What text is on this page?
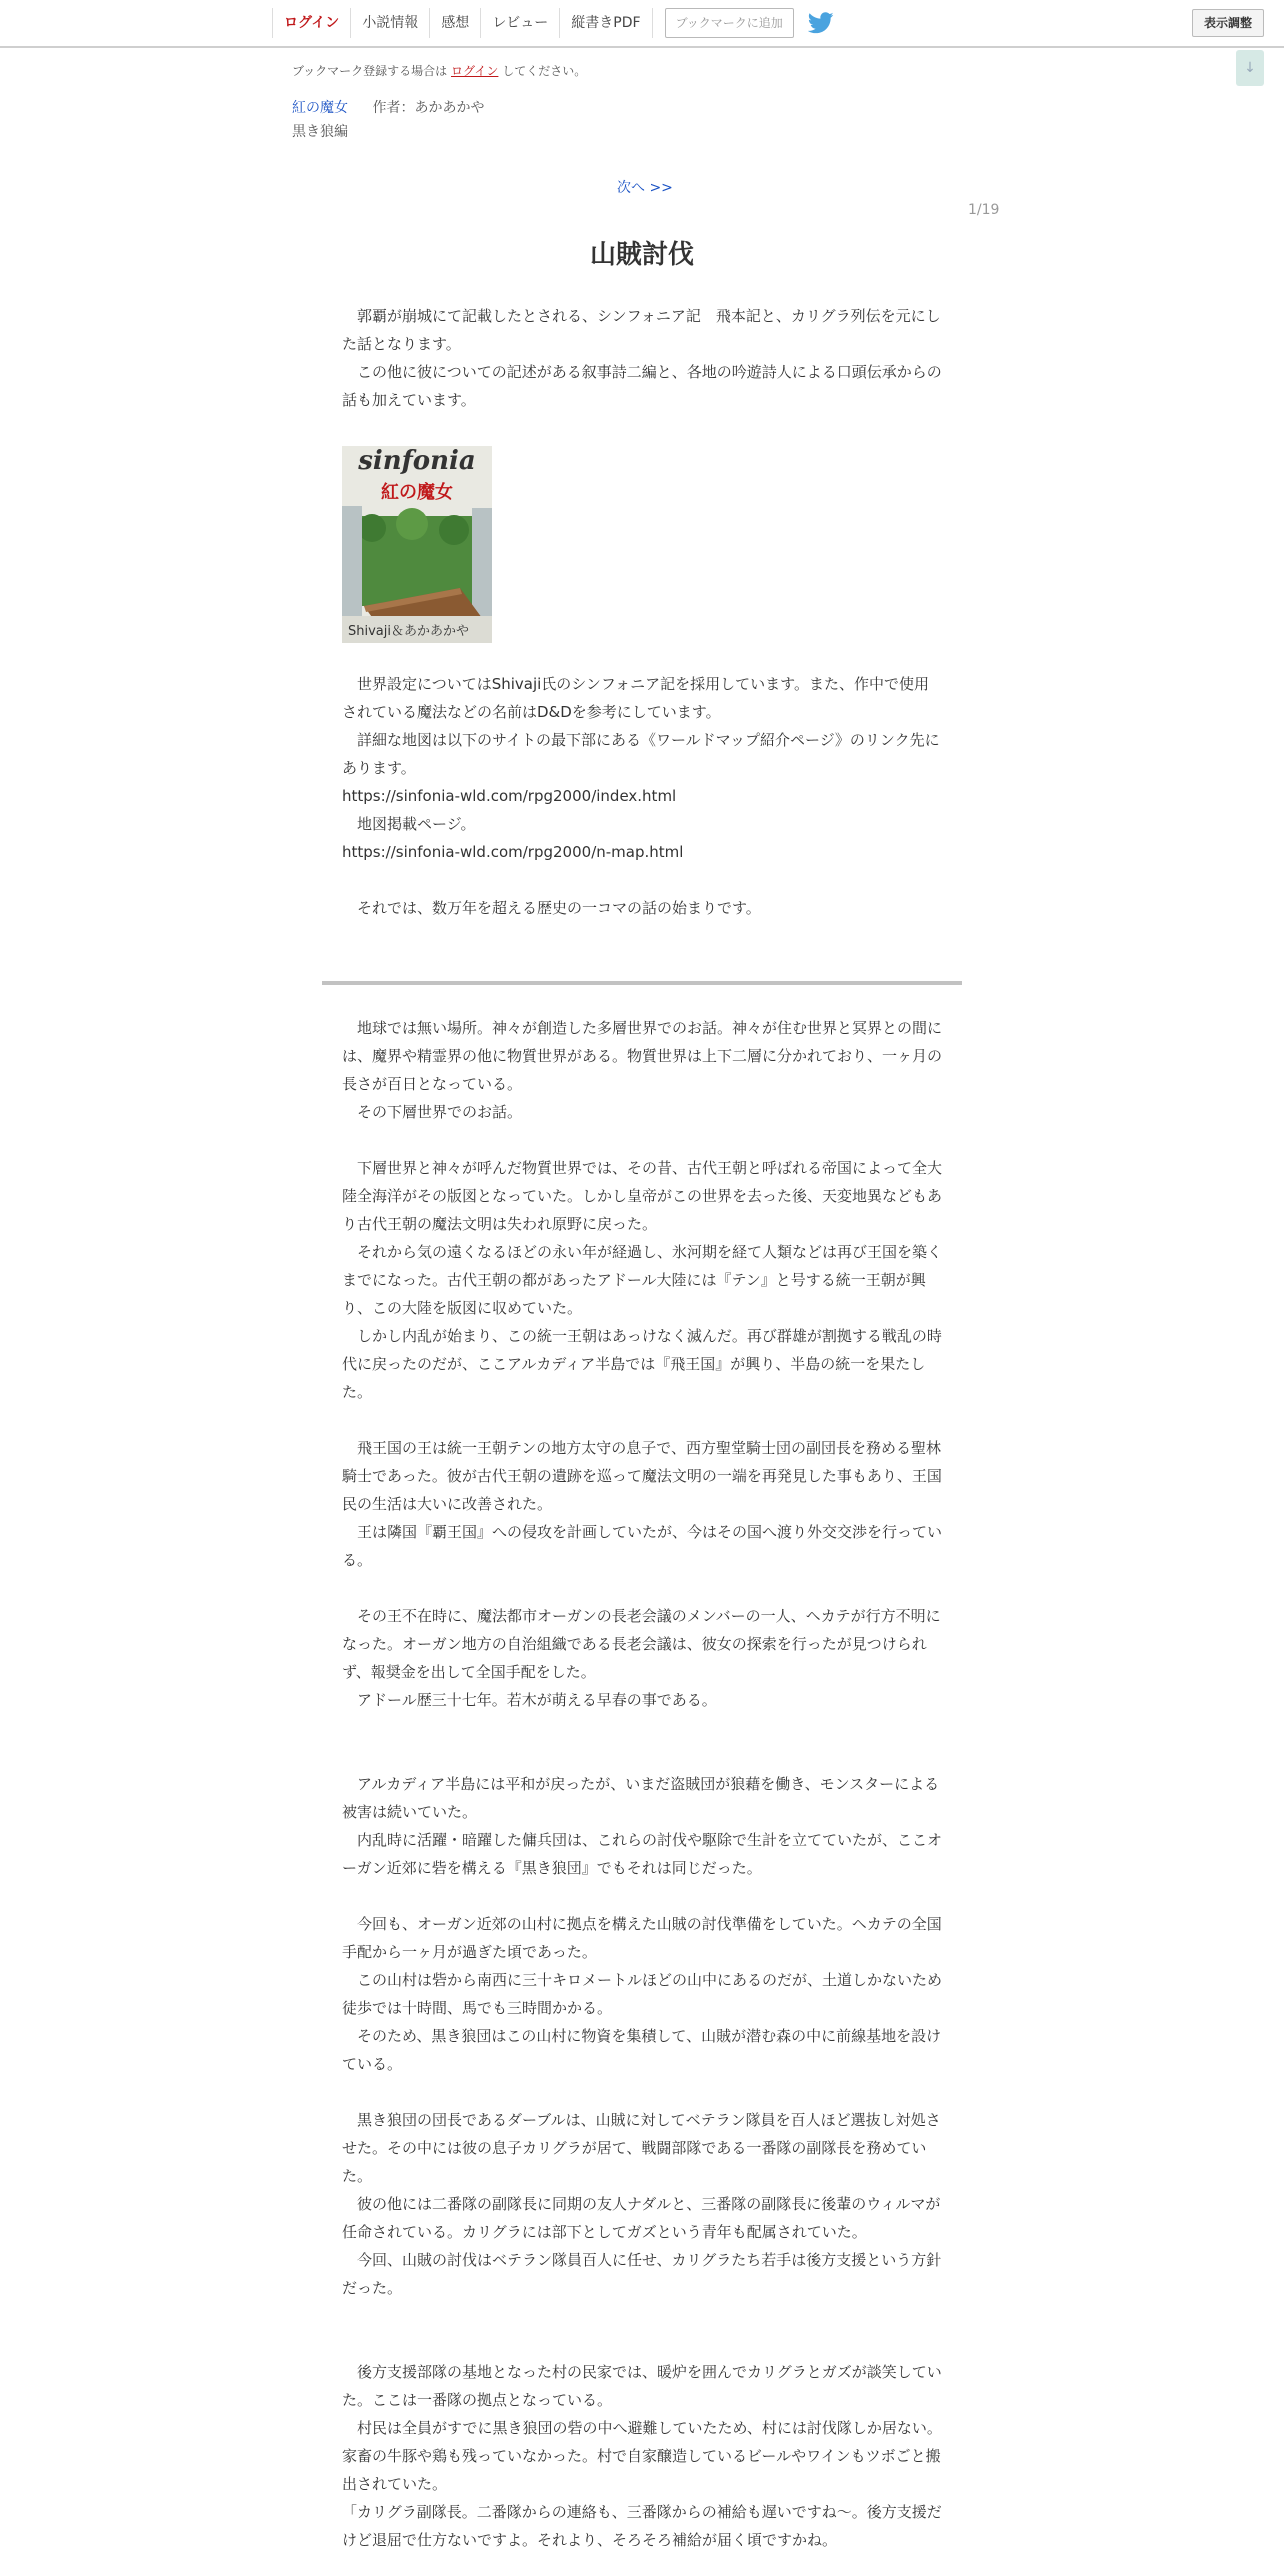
ログイン	小説情報	感想	レビュー	縦書きPDF	ブックマークに追加	表示調整
↓
ブックマーク登録する場合は ログイン してください。
紅の魔女 作者：あかあかや
黒き狼編
次へ >>
1/19
山賊討伐

　郭覇が崩城にて記載したとされる、シンフォニア記　飛本記と、カリグラ列伝を元にした話となります。

　この他に彼についての記述がある叙事詩二編と、各地の吟遊詩人による口頭伝承からの話も加えています。

sinfonia
紅の魔女
Shivaji＆あかあかや

　世界設定についてはShivaji氏のシンフォニア記を採用しています。また、作中で使用されている魔法などの名前はD&Dを参考にしています。

　詳細な地図は以下のサイトの最下部にある《ワールドマップ紹介ページ》のリンク先にあります。

https://sinfonia-wld.com/rpg2000/index.html

　地図掲載ページ。

https://sinfonia-wld.com/rpg2000/n-map.html

　それでは、数万年を超える歴史の一コマの話の始まりです。

　地球では無い場所。神々が創造した多層世界でのお話。神々が住む世界と冥界との間には、魔界や精霊界の他に物質世界がある。物質世界は上下二層に分かれており、一ヶ月の長さが百日となっている。

　その下層世界でのお話。

　下層世界と神々が呼んだ物質世界では、その昔、古代王朝と呼ばれる帝国によって全大陸全海洋がその版図となっていた。しかし皇帝がこの世界を去った後、天変地異などもあり古代王朝の魔法文明は失われ原野に戻った。

　それから気の遠くなるほどの永い年が経過し、氷河期を経て人類などは再び王国を築くまでになった。古代王朝の都があったアドール大陸には『テン』と号する統一王朝が興り、この大陸を版図に収めていた。

　しかし内乱が始まり、この統一王朝はあっけなく滅んだ。再び群雄が割拠する戦乱の時代に戻ったのだが、ここアルカディア半島では『飛王国』が興り、半島の統一を果たした。

　飛王国の王は統一王朝テンの地方太守の息子で、西方聖堂騎士団の副団長を務める聖林騎士であった。彼が古代王朝の遺跡を巡って魔法文明の一端を再発見した事もあり、王国民の生活は大いに改善された。

　王は隣国『覇王国』への侵攻を計画していたが、今はその国へ渡り外交交渉を行っている。

　その王不在時に、魔法都市オーガンの長老会議のメンバーの一人、ヘカテが行方不明になった。オーガン地方の自治組織である長老会議は、彼女の探索を行ったが見つけられず、報奨金を出して全国手配をした。

　アドール歴三十七年。若木が萌える早春の事である。

　アルカディア半島には平和が戻ったが、いまだ盗賊団が狼藉を働き、モンスターによる被害は続いていた。

　内乱時に活躍・暗躍した傭兵団は、これらの討伐や駆除で生計を立てていたが、ここオーガン近郊に砦を構える『黒き狼団』でもそれは同じだった。

　今回も、オーガン近郊の山村に拠点を構えた山賊の討伐準備をしていた。ヘカテの全国手配から一ヶ月が過ぎた頃であった。

　この山村は砦から南西に三十キロメートルほどの山中にあるのだが、土道しかないため徒歩では十時間、馬でも三時間かかる。

　そのため、黒き狼団はこの山村に物資を集積して、山賊が潜む森の中に前線基地を設けている。

　黒き狼団の団長であるダーブルは、山賊に対してベテラン隊員を百人ほど選抜し対処させた。その中には彼の息子カリグラが居て、戦闘部隊である一番隊の副隊長を務めていた。

　彼の他には二番隊の副隊長に同期の友人ナダルと、三番隊の副隊長に後輩のウィルマが任命されている。カリグラには部下としてガズという青年も配属されていた。

　今回、山賊の討伐はベテラン隊員百人に任せ、カリグラたち若手は後方支援という方針だった。

　後方支援部隊の基地となった村の民家では、暖炉を囲んでカリグラとガズが談笑していた。ここは一番隊の拠点となっている。

　村民は全員がすでに黒き狼団の砦の中へ避難していたため、村には討伐隊しか居ない。家畜の牛豚や鶏も残っていなかった。村で自家醸造しているビールやワインもツボごと搬出されていた。

「カリグラ副隊長。二番隊からの連絡も、三番隊からの補給も遅いですね～。後方支援だけど退屈で仕方ないですよ。それより、そろそろ補給が届く頃ですかね。
